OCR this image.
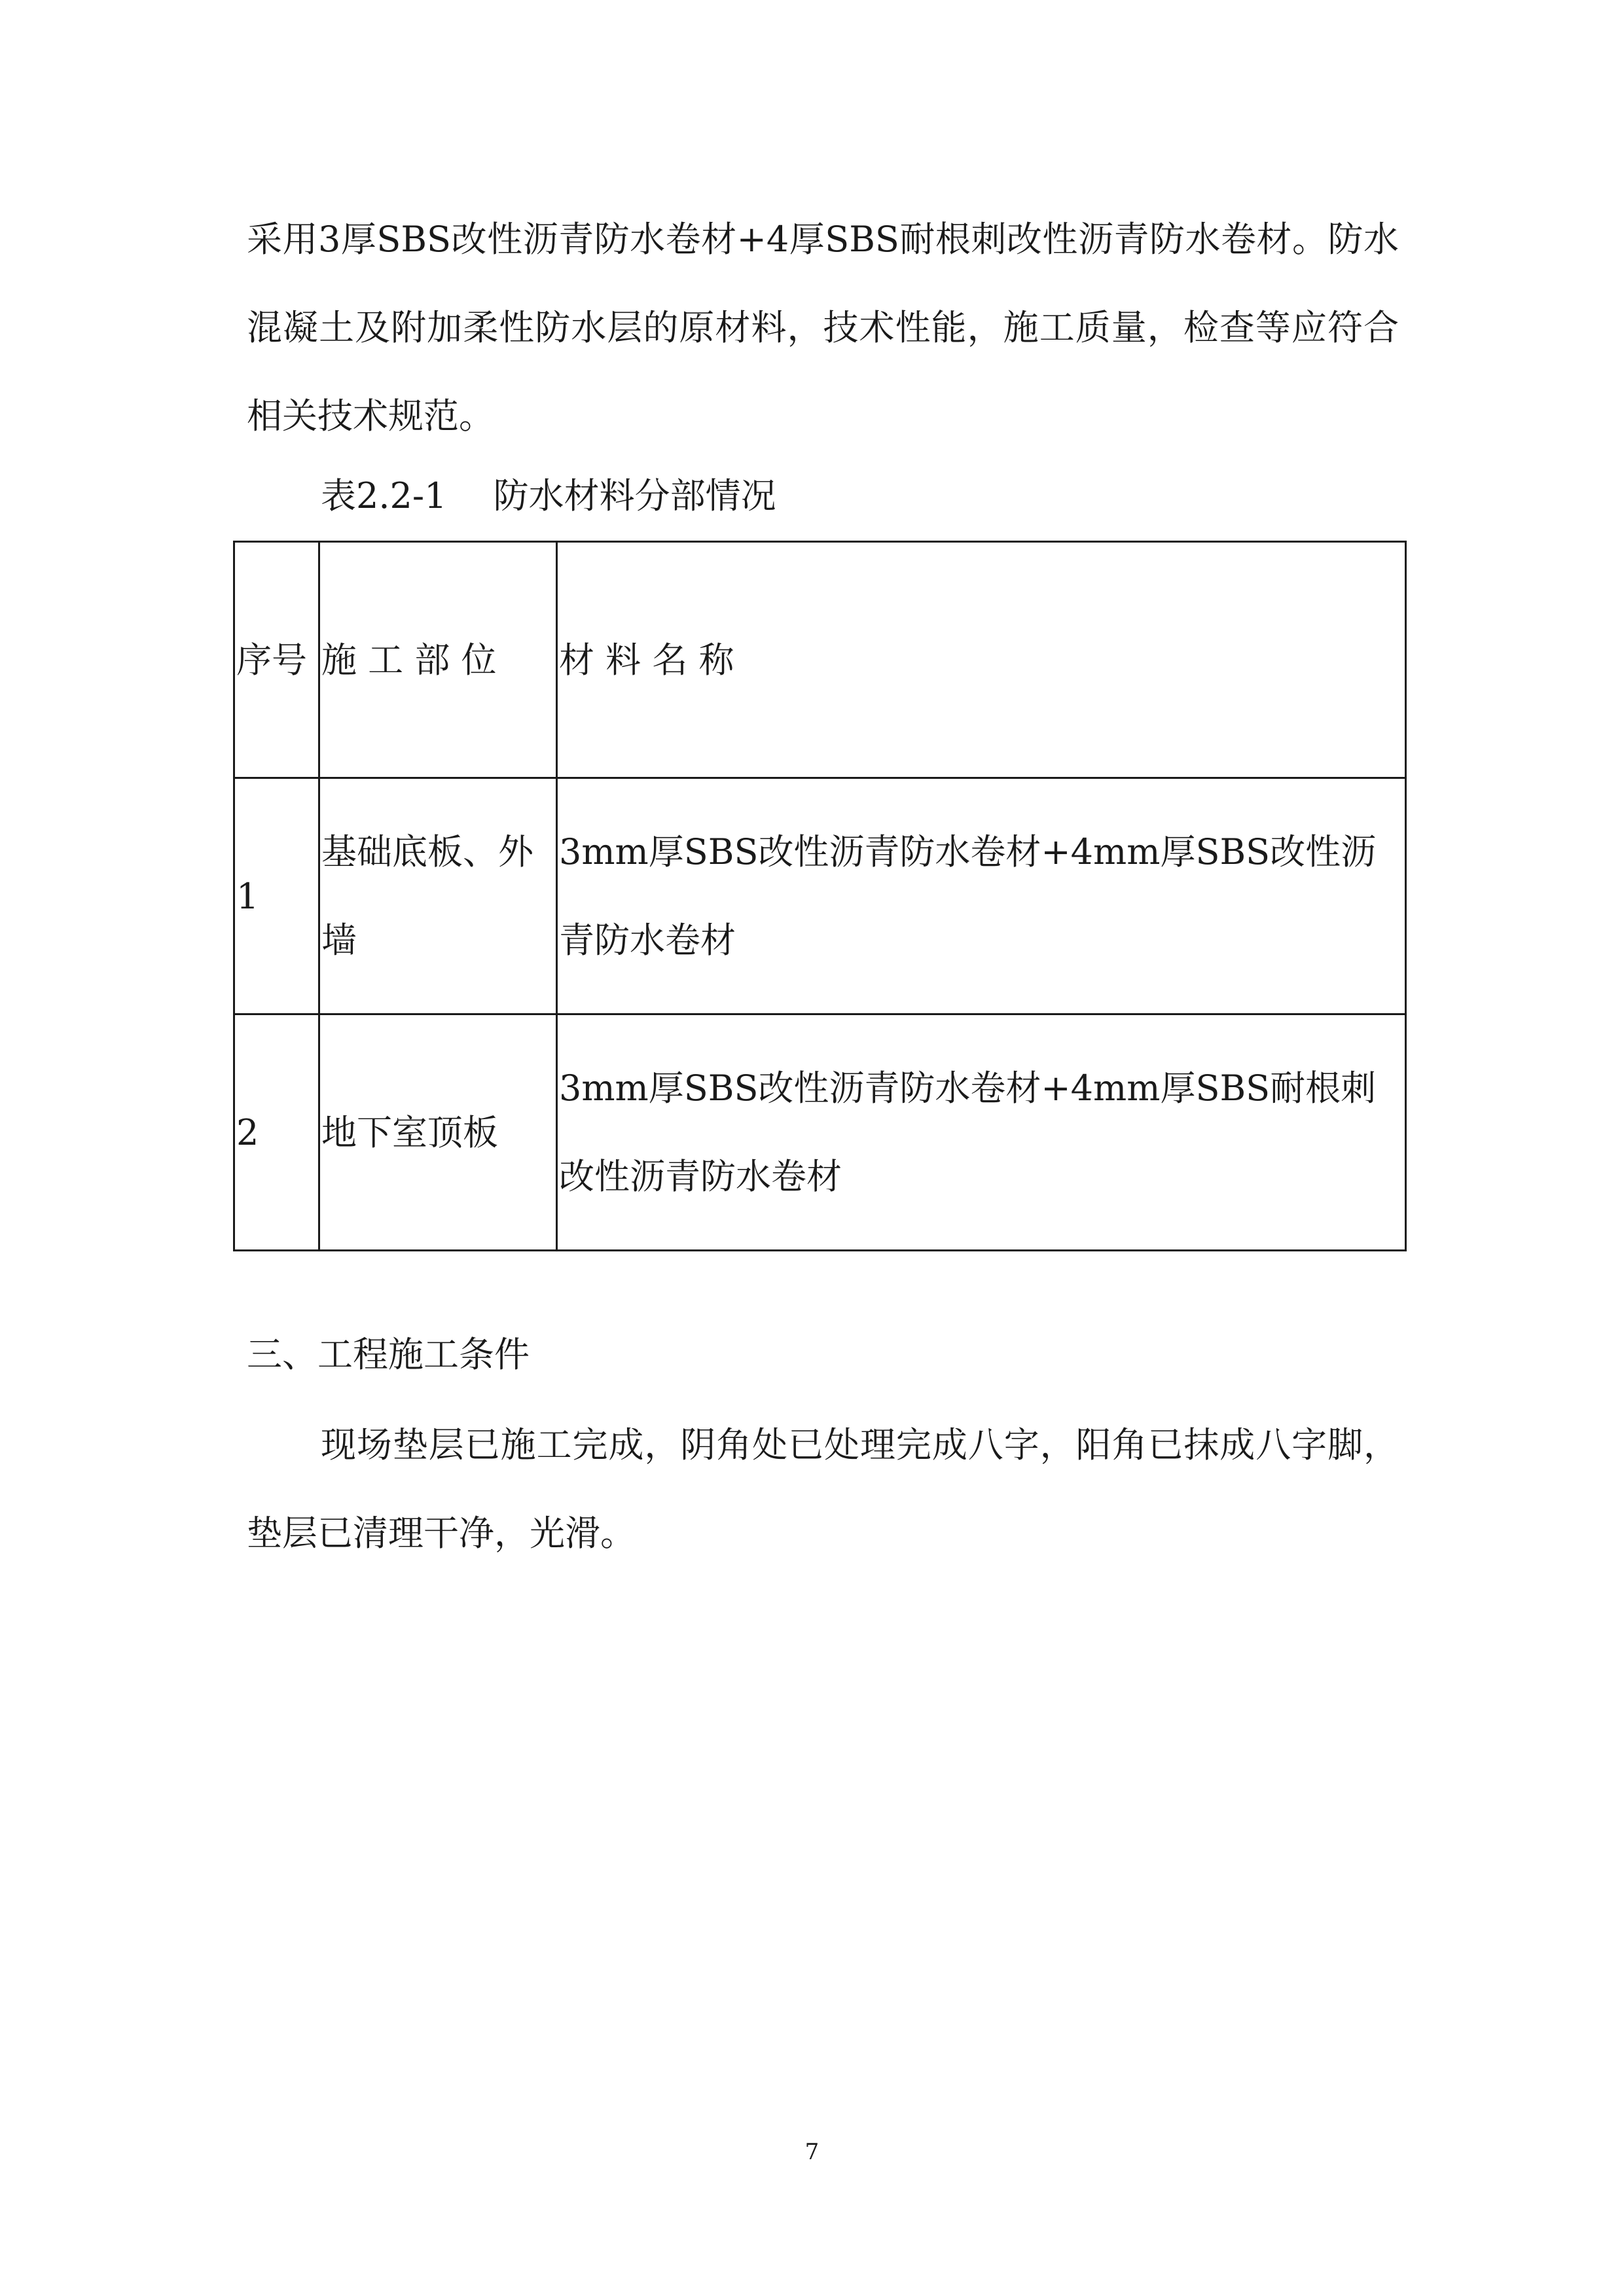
采用3厚SBS改性沥青防水卷材+4厚SBS耐根刺改性沥青防水卷材。防水混凝土及附加柔性防水层的原材料，技术性能，施工质量，检查等应符合相关技术规范。

表2.2-1　 防水材料分部情况

序号	施 工 部 位	材 料 名 称
1	基础底板、外墙	3mm厚SBS改性沥青防水卷材+4mm厚SBS改性沥青防水卷材
2	地下室顶板	3mm厚SBS改性沥青防水卷材+4mm厚SBS耐根刺改性沥青防水卷材

三、工程施工条件

现场垫层已施工完成，阴角处已处理完成八字，阳角已抹成八字脚，垫层已清理干净，光滑。

7
